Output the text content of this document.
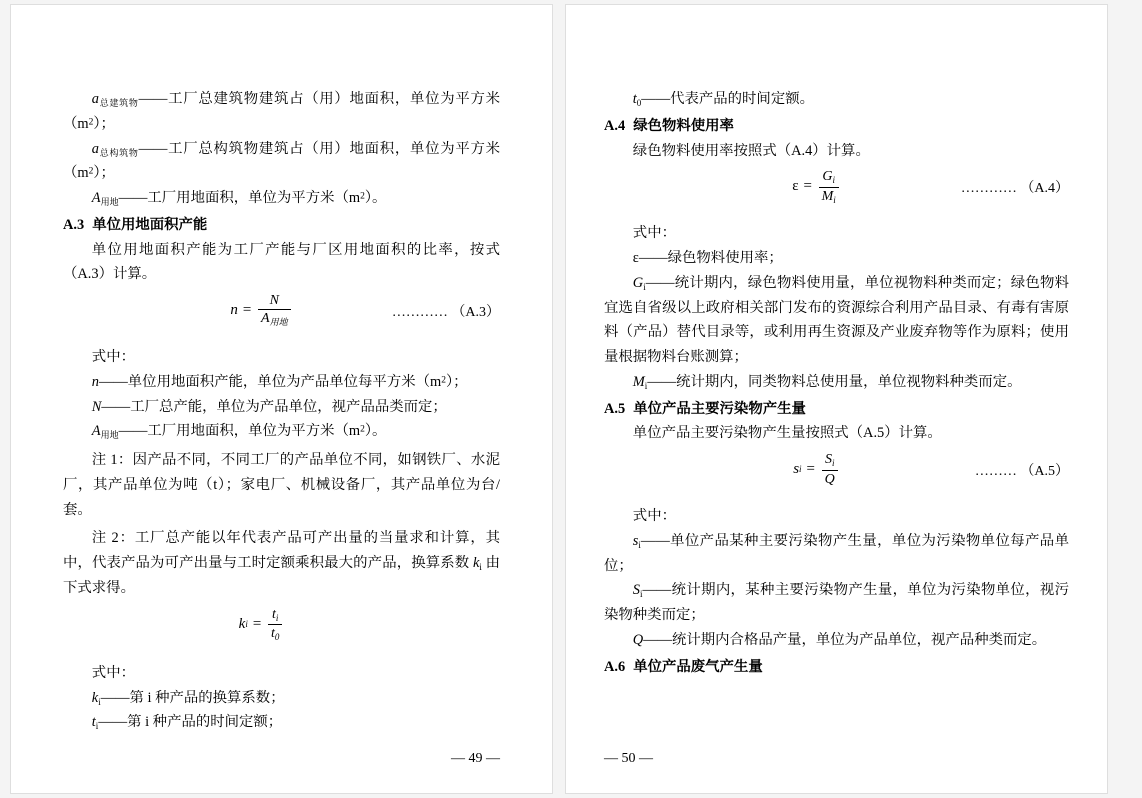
$a_{总建筑物}——$工厂总建筑物建筑占（用）地面积，单位为平方米$(m^2)$；

$a_{总构筑物}——$工厂总构筑物建筑占（用）地面积，单位为平方米$(m^2)$；

$A_{用地}——$工厂用地面积，单位为平方米$(m^2)$。

A.3 单位用地面积产能

单位用地面积产能为工厂产能与厂区用地面积的比率，按式（A.3）计算。

$n = \frac{N}{A_{用地}}$	………… （A.3）

式中：

n——单位用地面积产能，单位为产品单位每平方米$(m^2)$；

N——工厂总产能，单位为产品单位，视产品品类而定；

$A_{用地}——$工厂用地面积，单位为平方米$(m^2)$。

注 1：因产品不同，不同工厂的产品单位不同，如钢铁厂、水泥厂，其产品单位为吨（t）；家电厂、机械设备厂，其产品单位为台/套。

注 2：工厂总产能以年代表产品可产出量的当量求和计算，其中，代表产品为可产出量与工时定额乘积最大的产品，换算系数 $k_i$ 由下式求得。

k $i = \frac{t_i}{t_0}$

式中：

$k_i——$第 i 种产品的换算系数；

$t_i——$第 i 种产品的时间定额；

— 49 —

$t_0——$代表产品的时间定额。

A.4 绿色物料使用率

绿色物料使用率按照式（A.4）计算。

$\varepsilon = \frac{G_i}{M_i}$	………… （A.4）

式中：

ε——绿色物料使用率；

$G_i——$统计期内，绿色物料使用量，单位视物料种类而定；绿色物料宜选自省级以上政府相关部门发布的资源综合利用产品目录、有毒有害原料（产品）替代目录等，或利用再生资源及产业废弃物等作为原料；使用量根据物料台账测算；

$M_i——$统计期内，同类物料总使用量，单位视物料种类而定。

A.5 单位产品主要污染物产生量

单位产品主要污染物产生量按照式（A.5）计算。

s $i = \frac{S_i}{Q}$	……… （A.5）

式中：

$s_i——$单位产品某种主要污染物产生量，单位为污染物单位每产品单位；

$S_i——$统计期内，某种主要污染物产生量，单位为污染物单位，视污染物种类而定；

Q——统计期内合格品产量，单位为产品单位，视产品种类而定。

A.6 单位产品废气产生量

— 50 —
